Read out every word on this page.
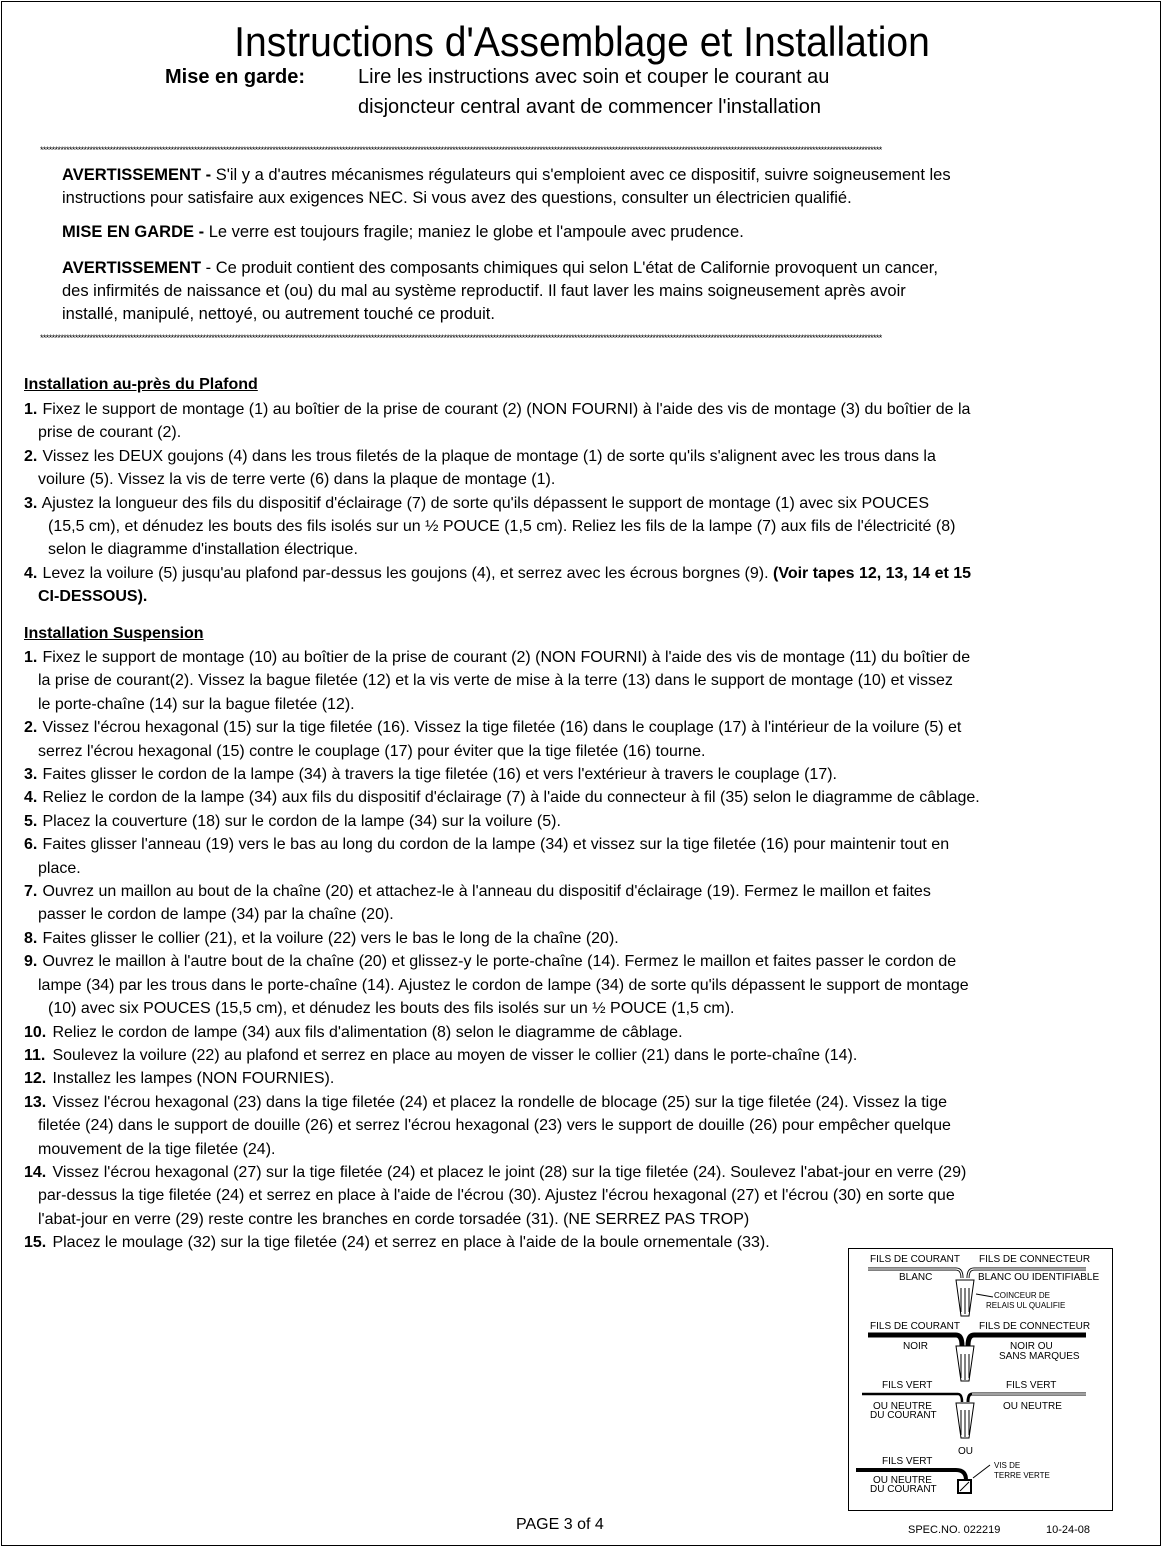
Instructions d'Assemblage et Installation
Mise en garde:	Lire les instructions avec soin et couper le courant au
disjoncteur central avant de commencer l'installation
**************************************************************************************************************************************************************************************************************************************************************************************************
AVERTISSEMENT - S'il y a d'autres mécanismes régulateurs qui s'emploient avec ce dispositif, suivre soigneusement les
instructions pour satisfaire aux exigences NEC. Si vous avez des questions, consulter un électricien qualifié.
MISE EN GARDE - Le verre est toujours fragile; maniez le globe et l'ampoule avec prudence.
AVERTISSEMENT - Ce produit contient des composants chimiques qui selon L'état de Californie provoquent un cancer,
des infirmités de naissance et (ou) du mal au système reproductif. Il faut laver les mains soigneusement après avoir
installé, manipulé, nettoyé, ou autrement touché ce produit.
**************************************************************************************************************************************************************************************************************************************************************************************************
Installation au-près du Plafond
1. Fixez le support de montage (1) au boîtier de la prise de courant (2) (NON FOURNI) à l'aide des vis de montage (3) du boîtier de la
prise de courant (2).
2. Vissez les DEUX goujons (4) dans les trous filetés de la plaque de montage (1) de sorte qu'ils s'alignent avec les trous dans la
voilure (5). Vissez la vis de terre verte (6) dans la plaque de montage (1).
3. Ajustez la longueur des fils du dispositif d'éclairage (7) de sorte qu'ils dépassent le support de montage (1) avec six POUCES
(15,5 cm), et dénudez les bouts des fils isolés sur un ½ POUCE (1,5 cm). Reliez les fils de la lampe (7) aux fils de l'électricité (8)
selon le diagramme d'installation électrique.
4. Levez la voilure (5) jusqu'au plafond par-dessus les goujons (4), et serrez avec les écrous borgnes (9). (Voir tapes 12, 13, 14 et 15
CI-DESSOUS).
Installation Suspension
1. Fixez le support de montage (10) au boîtier de la prise de courant (2) (NON FOURNI) à l'aide des vis de montage (11) du boîtier de
la prise de courant(2). Vissez la bague filetée (12) et la vis verte de mise à la terre (13) dans le support de montage (10) et vissez
le porte-chaîne (14) sur la bague filetée (12).
2. Vissez l'écrou hexagonal (15) sur la tige filetée (16). Vissez la tige filetée (16) dans le couplage (17) à l'intérieur de la voilure (5) et
serrez l'écrou hexagonal (15) contre le couplage (17) pour éviter que la tige filetée (16) tourne.
3. Faites glisser le cordon de la lampe (34) à travers la tige filetée (16) et vers l'extérieur à travers le couplage (17).
4. Reliez le cordon de la lampe (34) aux fils du dispositif d'éclairage (7) à l'aide du connecteur à fil (35) selon le diagramme de câblage.
5. Placez la couverture (18) sur le cordon de la lampe (34) sur la voilure (5).
6. Faites glisser l'anneau (19) vers le bas au long du cordon de la lampe (34) et vissez sur la tige filetée (16) pour maintenir tout en
place.
7. Ouvrez un maillon au bout de la chaîne (20) et attachez-le à l'anneau du dispositif d'éclairage (19). Fermez le maillon et faites
passer le cordon de lampe (34) par la chaîne (20).
8. Faites glisser le collier (21), et la voilure (22) vers le bas le long de la chaîne (20).
9. Ouvrez le maillon à l'autre bout de la chaîne (20) et glissez-y le porte-chaîne (14). Fermez le maillon et faites passer le cordon de
lampe (34) par les trous dans le porte-chaîne (14). Ajustez le cordon de lampe (34) de sorte qu'ils dépassent le support de montage
(10) avec six POUCES (15,5 cm), et dénudez les bouts des fils isolés sur un ½ POUCE (1,5 cm).
10. Reliez le cordon de lampe (34) aux fils d'alimentation (8) selon le diagramme de câblage.
11. Soulevez la voilure (22) au plafond et serrez en place au moyen de visser le collier (21) dans le porte-chaîne (14).
12. Installez les lampes (NON FOURNIES).
13. Vissez l'écrou hexagonal (23) dans la tige filetée (24) et placez la rondelle de blocage (25) sur la tige filetée (24). Vissez la tige
filetée (24) dans le support de douille (26) et serrez l'écrou hexagonal (23) vers le support de douille (26) pour empêcher quelque
mouvement de la tige filetée (24).
14. Vissez l'écrou hexagonal (27) sur la tige filetée (24) et placez le joint (28) sur la tige filetée (24). Soulevez l'abat-jour en verre (29)
par-dessus la tige filetée (24) et serrez en place à l'aide de l'écrou (30). Ajustez l'écrou hexagonal (27) et l'écrou (30) en sorte que
l'abat-jour en verre (29) reste contre les branches en corde torsadée (31). (NE SERREZ PAS TROP)
15. Placez le moulage (32) sur la tige filetée (24) et serrez en place à l'aide de la boule ornementale (33).
FILS DE COURANT
BLANC
FILS DE CONNECTEUR
BLANC OU IDENTIFIABLE
COINCEUR DE
RELAIS UL QUALIFIE
FILS DE COURANT
NOIR
FILS DE CONNECTEUR
NOIR OU
SANS MARQUES
FILS VERT
OU NEUTRE
DU COURANT
FILS VERT
OU NEUTRE
OU
FILS VERT
OU NEUTRE
DU COURANT
VIS DE
TERRE VERTE
PAGE 3 of 4	SPEC.NO. 022219	10-24-08
